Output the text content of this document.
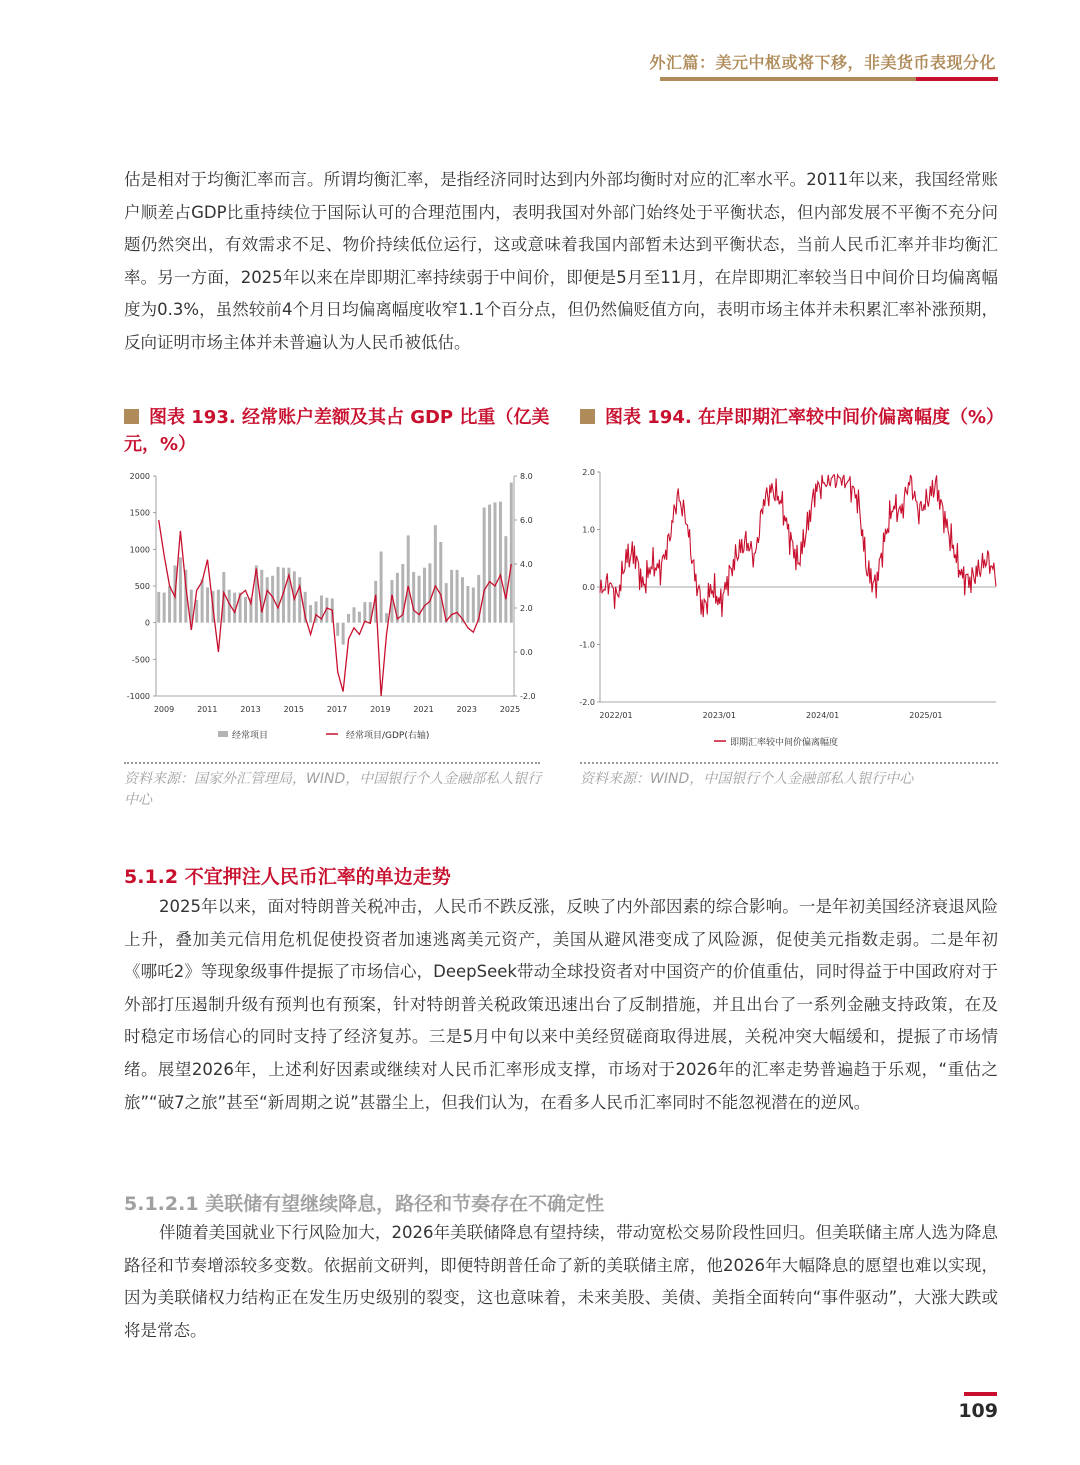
外汇篇：美元中枢或将下移，非美货币表现分化

估是相对于均衡汇率而言。所谓均衡汇率，是指经济同时达到内外部均衡时对应的汇率水平。2011年以来，我国经常账户顺差占GDP比重持续位于国际认可的合理范围内，表明我国对外部门始终处于平衡状态，但内部发展不平衡不充分问题仍然突出，有效需求不足、物价持续低位运行，这或意味着我国内部暂未达到平衡状态，当前人民币汇率并非均衡汇率。另一方面，2025年以来在岸即期汇率持续弱于中间价，即便是5月至11月，在岸即期汇率较当日中间价日均偏离幅度为0.3%，虽然较前4个月日均偏离幅度收窄1.1个百分点，但仍然偏贬值方向，表明市场主体并未积累汇率补涨预期，反向证明市场主体并未普遍认为人民币被低估。

图表 193. 经常账户差额及其占 GDP 比重（亿美元，%）

2000
1500
1000
500
0
-500
-1000
8.0
6.0
4.0
2.0
0.0
-2.0
2009	2011	2013	2015	2017	2019	2021	2023	2025
经常项目	经常项目/GDP(右轴)

资料来源：国家外汇管理局，WIND，中国银行个人金融部私人银行中心

图表 194. 在岸即期汇率较中间价偏离幅度（%）

2.0
1.0
0.0
-1.0
-2.0
2022/01	2023/01	2024/01	2025/01
即期汇率较中间价偏离幅度

资料来源：WIND，中国银行个人金融部私人银行中心

5.1.2 不宜押注人民币汇率的单边走势

2025年以来，面对特朗普关税冲击，人民币不跌反涨，反映了内外部因素的综合影响。一是年初美国经济衰退风险上升，叠加美元信用危机促使投资者加速逃离美元资产，美国从避风港变成了风险源，促使美元指数走弱。二是年初《哪吒2》等现象级事件提振了市场信心，DeepSeek带动全球投资者对中国资产的价值重估，同时得益于中国政府对于外部打压遏制升级有预判也有预案，针对特朗普关税政策迅速出台了反制措施，并且出台了一系列金融支持政策，在及时稳定市场信心的同时支持了经济复苏。三是5月中旬以来中美经贸磋商取得进展，关税冲突大幅缓和，提振了市场情绪。展望2026年，上述利好因素或继续对人民币汇率形成支撑，市场对于2026年的汇率走势普遍趋于乐观，“重估之旅”“破7之旅”甚至“新周期之说”甚嚣尘上，但我们认为，在看多人民币汇率同时不能忽视潜在的逆风。

5.1.2.1 美联储有望继续降息，路径和节奏存在不确定性

伴随着美国就业下行风险加大，2026年美联储降息有望持续，带动宽松交易阶段性回归。但美联储主席人选为降息路径和节奏增添较多变数。依据前文研判，即便特朗普任命了新的美联储主席，他2026年大幅降息的愿望也难以实现，因为美联储权力结构正在发生历史级别的裂变，这也意味着，未来美股、美债、美指全面转向“事件驱动”，大涨大跌或将是常态。

109
